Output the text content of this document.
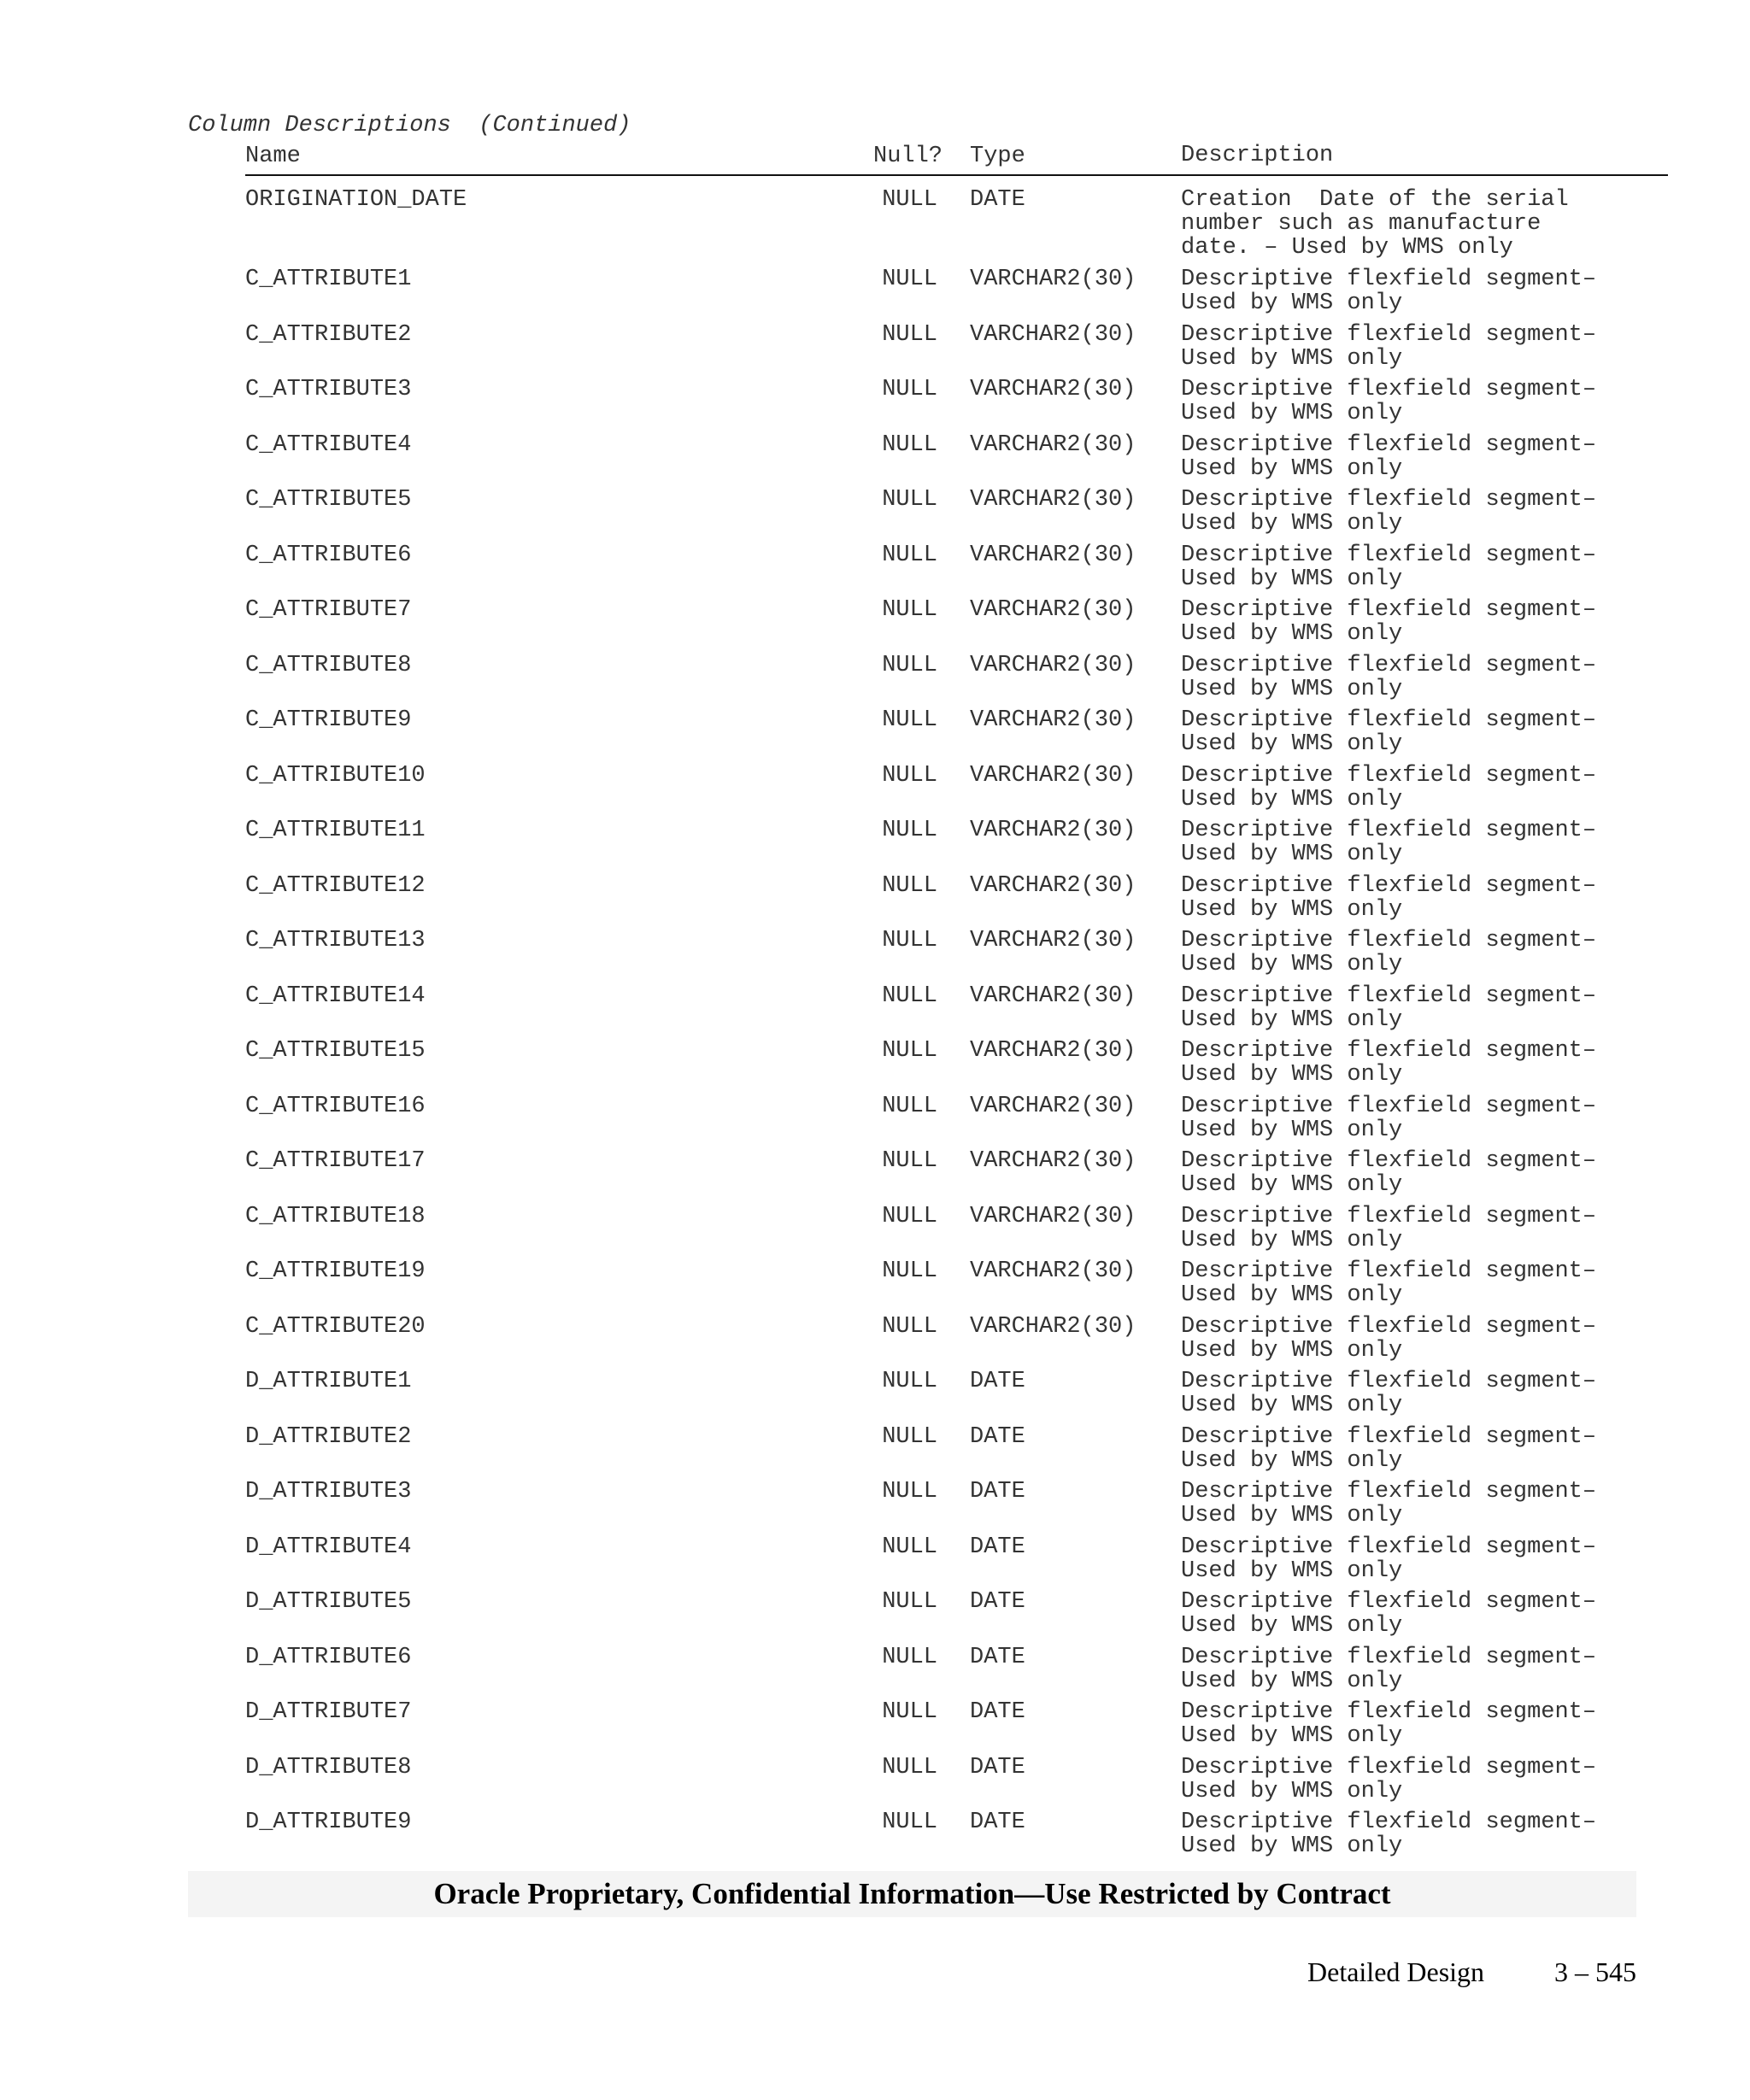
Column Descriptions  (Continued)
Name	Null? Type	Description
ORIGINATION_DATE	NULL DATE	Creation  Date of the serial
number such as manufacture
date. – Used by WMS only
C_ATTRIBUTE1	NULL VARCHAR2(30) Descriptive flexfield segment–
Used by WMS only
C_ATTRIBUTE2	NULL VARCHAR2(30) Descriptive flexfield segment–
Used by WMS only
C_ATTRIBUTE3	NULL VARCHAR2(30) Descriptive flexfield segment–
Used by WMS only
C_ATTRIBUTE4	NULL VARCHAR2(30) Descriptive flexfield segment–
Used by WMS only
C_ATTRIBUTE5	NULL VARCHAR2(30) Descriptive flexfield segment–
Used by WMS only
C_ATTRIBUTE6	NULL VARCHAR2(30) Descriptive flexfield segment–
Used by WMS only
C_ATTRIBUTE7	NULL VARCHAR2(30) Descriptive flexfield segment–
Used by WMS only
C_ATTRIBUTE8	NULL VARCHAR2(30) Descriptive flexfield segment–
Used by WMS only
C_ATTRIBUTE9	NULL VARCHAR2(30) Descriptive flexfield segment–
Used by WMS only
C_ATTRIBUTE10	NULL VARCHAR2(30) Descriptive flexfield segment–
Used by WMS only
C_ATTRIBUTE11	NULL VARCHAR2(30) Descriptive flexfield segment–
Used by WMS only
C_ATTRIBUTE12	NULL VARCHAR2(30) Descriptive flexfield segment–
Used by WMS only
C_ATTRIBUTE13	NULL VARCHAR2(30) Descriptive flexfield segment–
Used by WMS only
C_ATTRIBUTE14	NULL VARCHAR2(30) Descriptive flexfield segment–
Used by WMS only
C_ATTRIBUTE15	NULL VARCHAR2(30) Descriptive flexfield segment–
Used by WMS only
C_ATTRIBUTE16	NULL VARCHAR2(30) Descriptive flexfield segment–
Used by WMS only
C_ATTRIBUTE17	NULL VARCHAR2(30) Descriptive flexfield segment–
Used by WMS only
C_ATTRIBUTE18	NULL VARCHAR2(30) Descriptive flexfield segment–
Used by WMS only
C_ATTRIBUTE19	NULL VARCHAR2(30) Descriptive flexfield segment–
Used by WMS only
C_ATTRIBUTE20	NULL VARCHAR2(30) Descriptive flexfield segment–
Used by WMS only
D_ATTRIBUTE1	NULL DATE	Descriptive flexfield segment–
Used by WMS only
D_ATTRIBUTE2	NULL DATE	Descriptive flexfield segment–
Used by WMS only
D_ATTRIBUTE3	NULL DATE	Descriptive flexfield segment–
Used by WMS only
D_ATTRIBUTE4	NULL DATE	Descriptive flexfield segment–
Used by WMS only
D_ATTRIBUTE5	NULL DATE	Descriptive flexfield segment–
Used by WMS only
D_ATTRIBUTE6	NULL DATE	Descriptive flexfield segment–
Used by WMS only
D_ATTRIBUTE7	NULL DATE	Descriptive flexfield segment–
Used by WMS only
D_ATTRIBUTE8	NULL DATE	Descriptive flexfield segment–
Used by WMS only
D_ATTRIBUTE9	NULL DATE	Descriptive flexfield segment–
Used by WMS only
Oracle Proprietary, Confidential Information––Use Restricted by Contract
Detailed Design	3 – 545
